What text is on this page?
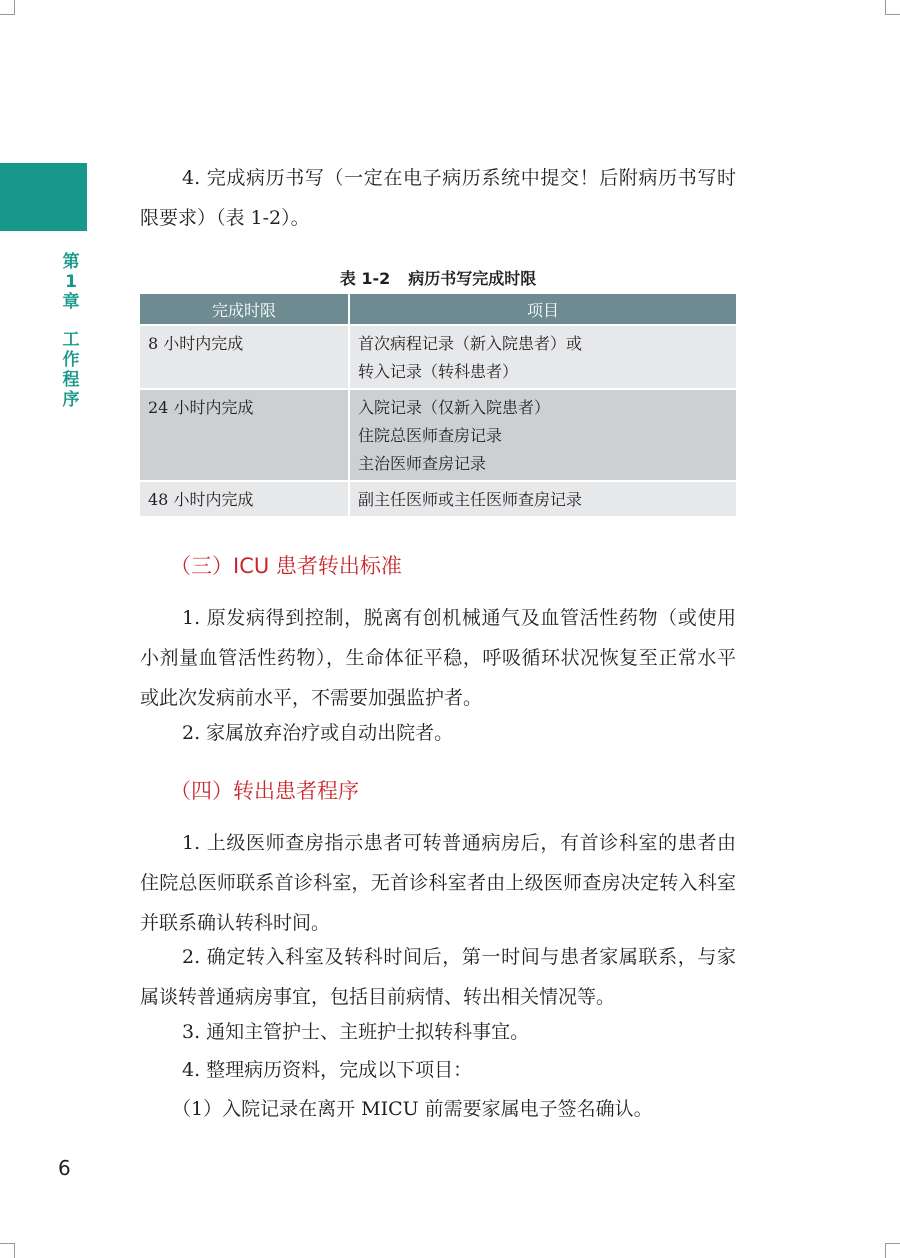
第
1
章
工
作
程
序

4. 完成病历书写（一定在电子病历系统中提交！后附病历书写时限要求）（表 1-2）。

表 1-2 病历书写完成时限
完成时限	项目
8 小时内完成	首次病程记录（新入院患者）或
转入记录（转科患者）

24 小时内完成	入院记录（仅新入院患者）
住院总医师查房记录
主治医师查房记录

48 小时内完成	副主任医师或主任医师查房记录
（三）ICU 患者转出标准

1. 原发病得到控制，脱离有创机械通气及血管活性药物（或使用小剂量血管活性药物），生命体征平稳，呼吸循环状况恢复至正常水平或此次发病前水平，不需要加强监护者。

2. 家属放弃治疗或自动出院者。

（四）转出患者程序

1. 上级医师查房指示患者可转普通病房后，有首诊科室的患者由住院总医师联系首诊科室，无首诊科室者由上级医师查房决定转入科室并联系确认转科时间。

2. 确定转入科室及转科时间后，第一时间与患者家属联系，与家属谈转普通病房事宜，包括目前病情、转出相关情况等。

3. 通知主管护士、主班护士拟转科事宜。

4. 整理病历资料，完成以下项目：

（1）入院记录在离开 MICU 前需要家属电子签名确认。

6
